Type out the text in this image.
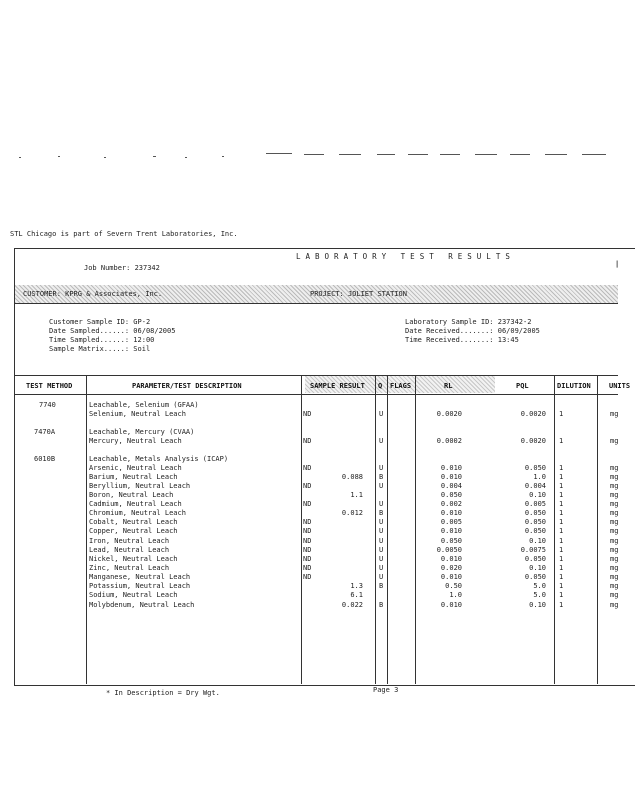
STL Chicago is part of Severn Trent Laboratories, Inc.
LABORATORY TEST RESULTS
Job Number: 237342	|
CUSTOMER: KPRG & Associates, Inc.	PROJECT: JOLIET STATION
Customer Sample ID: GP-2
Date Sampled......: 06/08/2005
Time Sampled......: 12:00
Sample Matrix.....: Soil
Laboratory Sample ID: 237342-2
Date Received.......: 06/09/2005
Time Received.......: 13:45
TEST METHOD	PARAMETER/TEST DESCRIPTION	SAMPLE RESULT Q FLAGS	RL	PQL	DILUTION	UNITS
7740	Leachable, Selenium (GFAA)
Selenium, Neutral Leach	ND	U	0.0020	0.0020 1	mg
7470A	Leachable, Mercury (CVAA)
Mercury, Neutral Leach	ND	U	0.0002	0.0020 1	mg
6010B	Leachable, Metals Analysis (ICAP)
Arsenic, Neutral Leach	ND	U	0.010	0.050 1	mg
Barium, Neutral Leach	0.088 B	0.010	1.0 1	mg
Beryllium, Neutral Leach	ND	U	0.004	0.004 1	mg
Boron, Neutral Leach	1.1	0.050	0.10 1	mg
Cadmium, Neutral Leach	ND	U	0.002	0.005 1	mg
Chromium, Neutral Leach	0.012 B	0.010	0.050 1	mg
Cobalt, Neutral Leach	ND	U	0.005	0.050 1	mg
Copper, Neutral Leach	ND	U	0.010	0.050 1	mg
Iron, Neutral Leach	ND	U	0.050	0.10 1	mg
Lead, Neutral Leach	ND	U	0.0050	0.0075 1	mg
Nickel, Neutral Leach	ND	U	0.010	0.050 1	mg
Zinc, Neutral Leach	ND	U	0.020	0.10 1	mg
Manganese, Neutral Leach	ND	U	0.010	0.050 1	mg
Potassium, Neutral Leach	1.3 B	0.50	5.0 1	mg
Sodium, Neutral Leach	6.1	1.0	5.0 1	mg
Molybdenum, Neutral Leach	0.022 B	0.010	0.10 1	mg
* In Description = Dry Wgt.	Page 3
